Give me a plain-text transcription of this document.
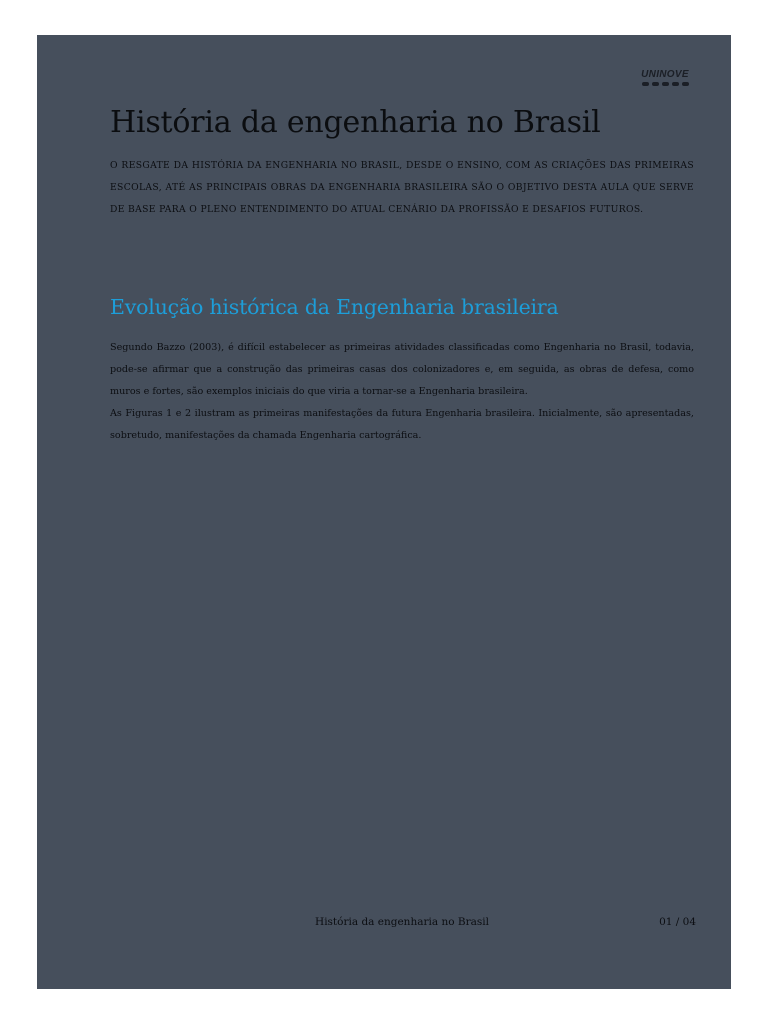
UNINOVE
História da engenharia no Brasil

O RESGATE DA HISTÓRIA DA ENGENHARIA NO BRASIL, DESDE O ENSINO, COM AS CRIAÇÕES DAS PRIMEIRAS ESCOLAS, ATÉ AS PRINCIPAIS OBRAS DA ENGENHARIA BRASILEIRA SÃO O OBJETIVO DESTA AULA QUE SERVE DE BASE PARA O PLENO ENTENDIMENTO DO ATUAL CENÁRIO DA PROFISSÃO E DESAFIOS FUTUROS.

Evolução histórica da Engenharia brasileira

Segundo Bazzo (2003), é difícil estabelecer as primeiras atividades classificadas como Engenharia no Brasil, todavia, pode-se afirmar que a construção das primeiras casas dos colonizadores e, em seguida, as obras de defesa, como muros e fortes, são exemplos iniciais do que viria a tornar-se a Engenharia brasileira.

As Figuras 1 e 2 ilustram as primeiras manifestações da futura Engenharia brasileira. Inicialmente, são apresentadas, sobretudo, manifestações da chamada Engenharia cartográfica.

História da engenharia no Brasil	01 / 04
